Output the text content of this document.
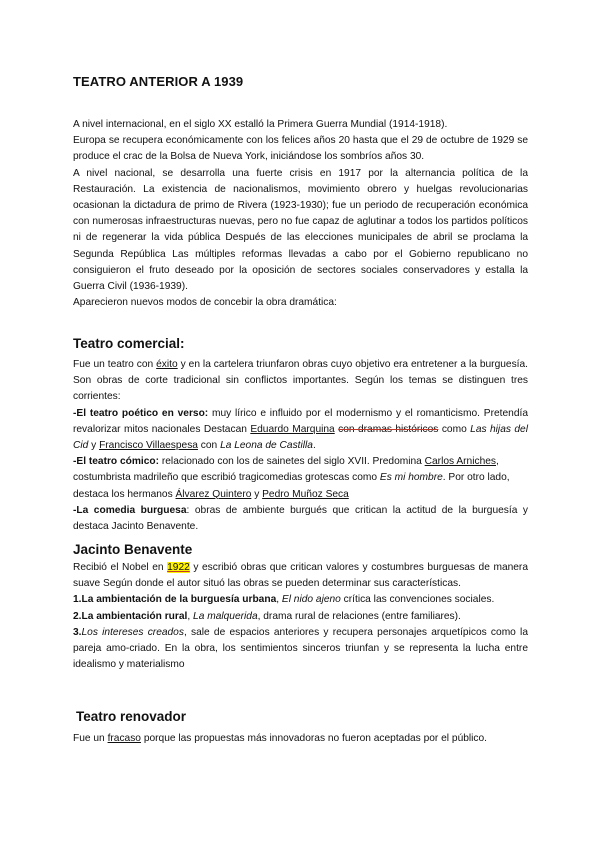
TEATRO ANTERIOR A 1939

A nivel internacional, en el siglo XX estalló la Primera Guerra Mundial (1914-1918).

Europa se recupera económicamente con los felices años 20 hasta que el 29 de octubre de 1929 se produce el crac de la Bolsa de Nueva York, iniciándose los sombríos años 30.

A nivel nacional, se desarrolla una fuerte crisis en 1917 por la alternancia política de la Restauración. La existencia de nacionalismos, movimiento obrero y huelgas revolucionarias ocasionan la dictadura de primo de Rivera (1923-1930); fue un periodo de recuperación económica con numerosas infraestructuras nuevas, pero no fue capaz de aglutinar a todos los partidos políticos ni de regenerar la vida pública Después de las elecciones municipales de abril se proclama la Segunda República Las múltiples reformas llevadas a cabo por el Gobierno republicano no consiguieron el fruto deseado por la oposición de sectores sociales conservadores y estalla la Guerra Civil (1936-1939).

Aparecieron nuevos modos de concebir la obra dramática:

Teatro comercial:

Fue un teatro con éxito y en la cartelera triunfaron obras cuyo objetivo era entretener a la burguesía. Son obras de corte tradicional sin conflictos importantes. Según los temas se distinguen tres corrientes:

-El teatro poético en verso: muy lírico e influido por el modernismo y el romanticismo. Pretendía revalorizar mitos nacionales Destacan Eduardo Marquina con dramas históricos como Las hijas del Cid y Francisco Villaespesa con La Leona de Castilla.

-El teatro cómico: relacionado con los de sainetes del siglo XVII. Predomina Carlos Arniches, costumbrista madrileño que escribió tragicomedias grotescas como Es mi hombre. Por otro lado, destaca los hermanos Álvarez Quintero y Pedro Muñoz Seca

-La comedia burguesa: obras de ambiente burgués que critican la actitud de la burguesía y destaca Jacinto Benavente.

Jacinto Benavente

Recibió el Nobel en 1922 y escribió obras que critican valores y costumbres burguesas de manera suave Según donde el autor situó las obras se pueden determinar sus características.

1.La ambientación de la burguesía urbana, El nido ajeno crítica las convenciones sociales.

2.La ambientación rural, La malquerida, drama rural de relaciones (entre familiares).

3.Los intereses creados, sale de espacios anteriores y recupera personajes arquetípicos como la pareja amo-criado. En la obra, los sentimientos sinceros triunfan y se representa la lucha entre idealismo y materialismo

Teatro renovador

Fue un fracaso porque las propuestas más innovadoras no fueron aceptadas por el público.
